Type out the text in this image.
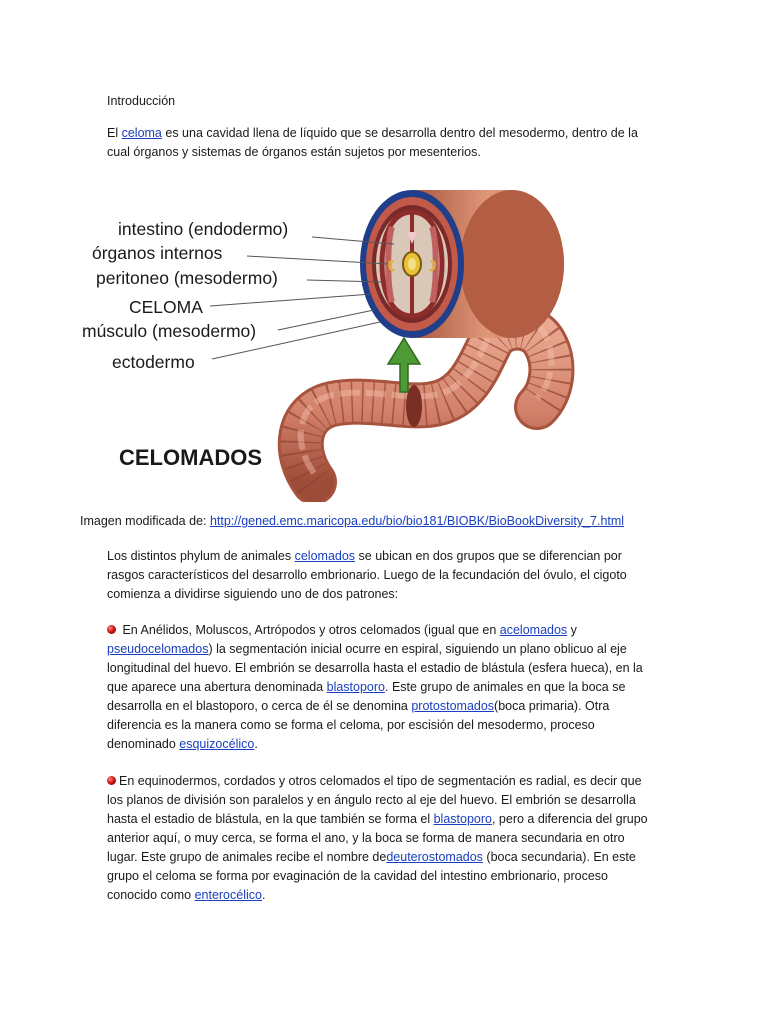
Introducción

El celoma es una cavidad llena de líquido que se desarrolla dentro del mesodermo, dentro de la cual órganos y sistemas de órganos están sujetos por mesenterios.

intestino (endodermo)
órganos internos
peritoneo (mesodermo)
CELOMA
músculo (mesodermo)
ectodermo
CELOMADOS

Imagen modificada de: http://gened.emc.maricopa.edu/bio/bio181/BIOBK/BioBookDiversity_7.html

Los distintos phylum de animales celomados se ubican en dos grupos que se diferencian por rasgos característicos del desarrollo embrionario. Luego de la fecundación del óvulo, el cigoto comienza a dividirse siguiendo uno de dos patrones:

En Anélidos, Moluscos, Artrópodos y otros celomados (igual que en acelomados y pseudocelomados) la segmentación inicial ocurre en espiral, siguiendo un plano oblicuo al eje longitudinal del huevo. El embrión se desarrolla hasta el estadio de blástula (esfera hueca), en la que aparece una abertura denominada blastoporo. Este grupo de animales en que la boca se desarrolla en el blastoporo, o cerca de él se denomina protostomados(boca primaria). Otra diferencia es la manera como se forma el celoma, por escisión del mesodermo, proceso denominado esquizocélico.

En equinodermos, cordados y otros celomados el tipo de segmentación es radial, es decir que los planos de división son paralelos y en ángulo recto al eje del huevo. El embrión se desarrolla hasta el estadio de blástula, en la que también se forma el blastoporo, pero a diferencia del grupo anterior aquí, o muy cerca, se forma el ano, y la boca se forma de manera secundaria en otro lugar. Este grupo de animales recibe el nombre dedeuterostomados (boca secundaria). En este grupo el celoma se forma por evaginación de la cavidad del intestino embrionario, proceso conocido como enterocélico.
